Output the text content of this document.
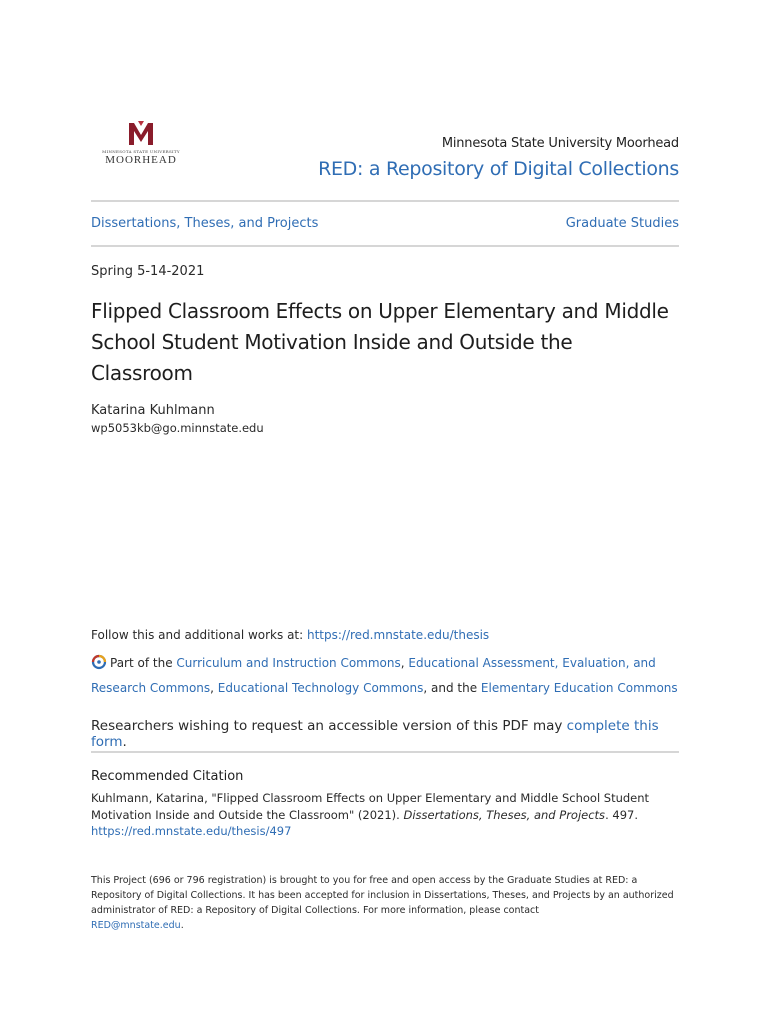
MINNESOTA STATE UNIVERSITY
MOORHEAD
Minnesota State University Moorhead
RED: a Repository of Digital Collections
Dissertations, Theses, and Projects	Graduate Studies
Spring 5-14-2021
Flipped Classroom Effects on Upper Elementary and Middle School Student Motivation Inside and Outside the Classroom
Katarina Kuhlmann
wp5053kb@go.minnstate.edu
Follow this and additional works at: https://red.mnstate.edu/thesis
Part of the Curriculum and Instruction Commons, Educational Assessment, Evaluation, and Research Commons, Educational Technology Commons, and the Elementary Education Commons
Researchers wishing to request an accessible version of this PDF may complete this form.
Recommended Citation
Kuhlmann, Katarina, "Flipped Classroom Effects on Upper Elementary and Middle School Student Motivation Inside and Outside the Classroom" (2021). Dissertations, Theses, and Projects. 497.
https://red.mnstate.edu/thesis/497
This Project (696 or 796 registration) is brought to you for free and open access by the Graduate Studies at RED: a Repository of Digital Collections. It has been accepted for inclusion in Dissertations, Theses, and Projects by an authorized administrator of RED: a Repository of Digital Collections. For more information, please contact
RED@mnstate.edu.
